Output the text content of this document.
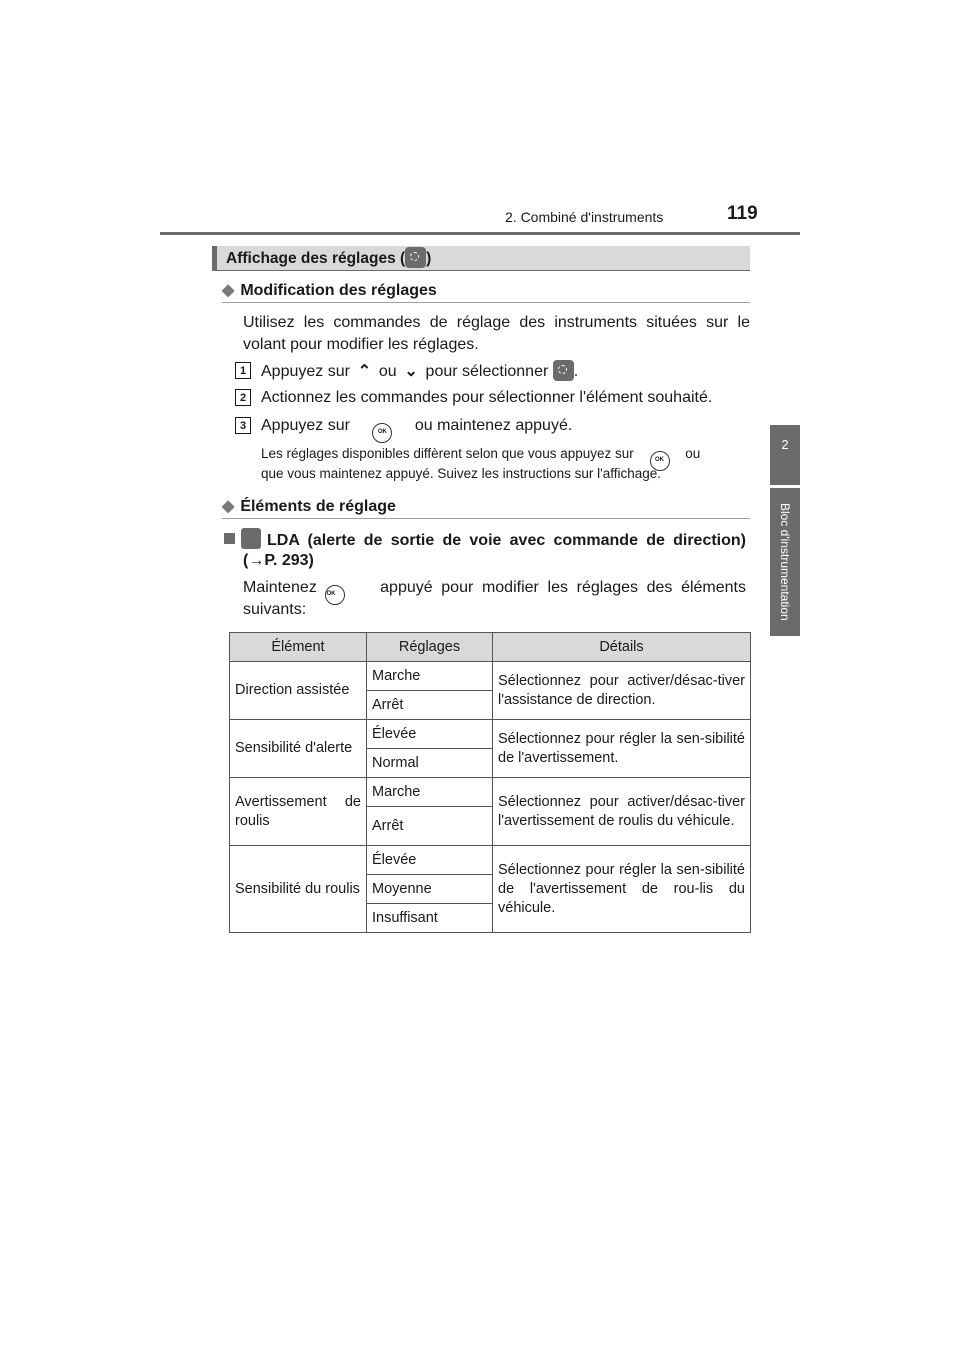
2. Combiné d'instruments	119
2
Bloc d'instrumentation
Affichage des réglages ( )
◆ Modification des réglages
Utilisez les commandes de réglage des instruments situées sur le
volant pour modifier les réglages.
1 Appuyez sur ⌃ ou ⌄ pour sélectionner .
2 Actionnez les commandes pour sélectionner l'élément souhaité.
3 Appuyez sur	OK ou maintenez appuyé.
Les réglages disponibles diffèrent selon que vous appuyez sur	OK ou
que vous maintenez appuyé. Suivez les instructions sur l'affichage.
◆ Éléments de réglage
LDA (alerte de sortie de voie avec commande de direction)
(→P. 293)
Maintenez OK	appuyé pour modifier les réglages des éléments
suivants:
Élément	Réglages	Détails
Direction assistée	Marche	Sélectionnez pour activer/désac-tiver l'assistance de direction.
	Arrêt	
Sensibilité d'alerte	Élevée	Sélectionnez pour régler la sen-sibilité de l'avertissement.
	Normal	
Avertissement de roulis	Marche	Sélectionnez pour activer/désac-tiver l'avertissement de roulis du véhicule.
	Arrêt	
Sensibilité du roulis	Élevée	Sélectionnez pour régler la sen-sibilité de l'avertissement de rou-lis du véhicule.
	Moyenne	
	Insuffisant	
